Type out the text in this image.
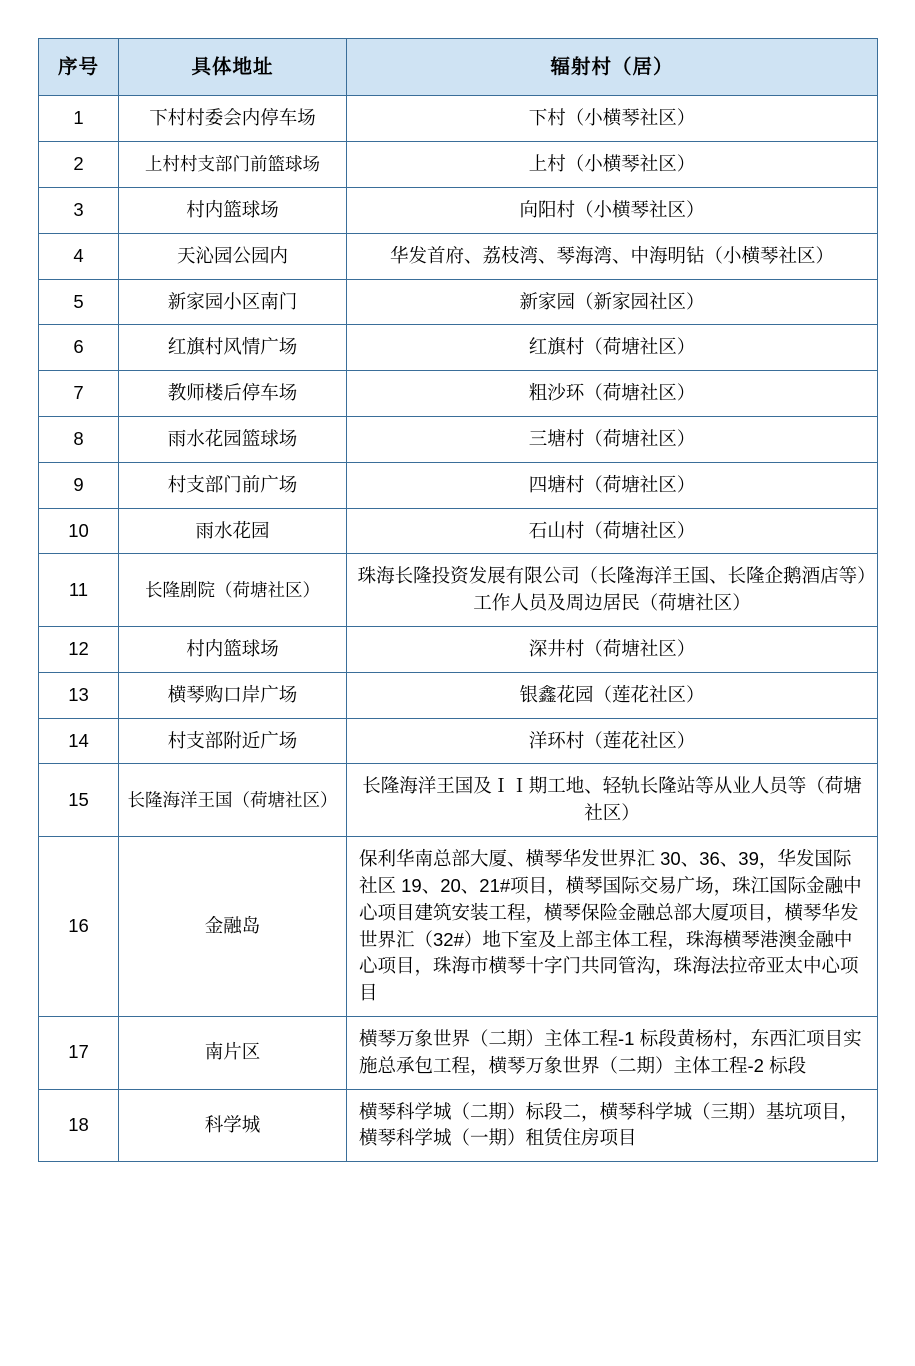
序号	具体地址	辐射村（居）
1	下村村委会内停车场	下村（小横琴社区）
2	上村村支部门前篮球场	上村（小横琴社区）
3	村内篮球场	向阳村（小横琴社区）
4	天沁园公园内	华发首府、荔枝湾、琴海湾、中海明钻（小横琴社区）
5	新家园小区南门	新家园（新家园社区）
6	红旗村风情广场	红旗村（荷塘社区）
7	教师楼后停车场	粗沙环（荷塘社区）
8	雨水花园篮球场	三塘村（荷塘社区）
9	村支部门前广场	四塘村（荷塘社区）
10	雨水花园	石山村（荷塘社区）
11	长隆剧院（荷塘社区）	珠海长隆投资发展有限公司（长隆海洋王国、长隆企鹅酒店等）工作人员及周边居民（荷塘社区）
12	村内篮球场	深井村（荷塘社区）
13	横琴购口岸广场	银鑫花园（莲花社区）
14	村支部附近广场	洋环村（莲花社区）
15	长隆海洋王国（荷塘社区）	长隆海洋王国及ＩＩ期工地、轻轨长隆站等从业人员等（荷塘社区）
16	金融岛	保利华南总部大厦、横琴华发世界汇 30、36、39，华发国际社区 19、20、21#项目，横琴国际交易广场，珠江国际金融中心项目建筑安装工程，横琴保险金融总部大厦项目，横琴华发世界汇（32#）地下室及上部主体工程，珠海横琴港澳金融中心项目，珠海市横琴十字门共同管沟，珠海法拉帝亚太中心项目
17	南片区	横琴万象世界（二期）主体工程-1 标段黄杨村，东西汇项目实施总承包工程，横琴万象世界（二期）主体工程-2 标段
18	科学城	横琴科学城（二期）标段二，横琴科学城（三期）基坑项目，横琴科学城（一期）租赁住房项目
